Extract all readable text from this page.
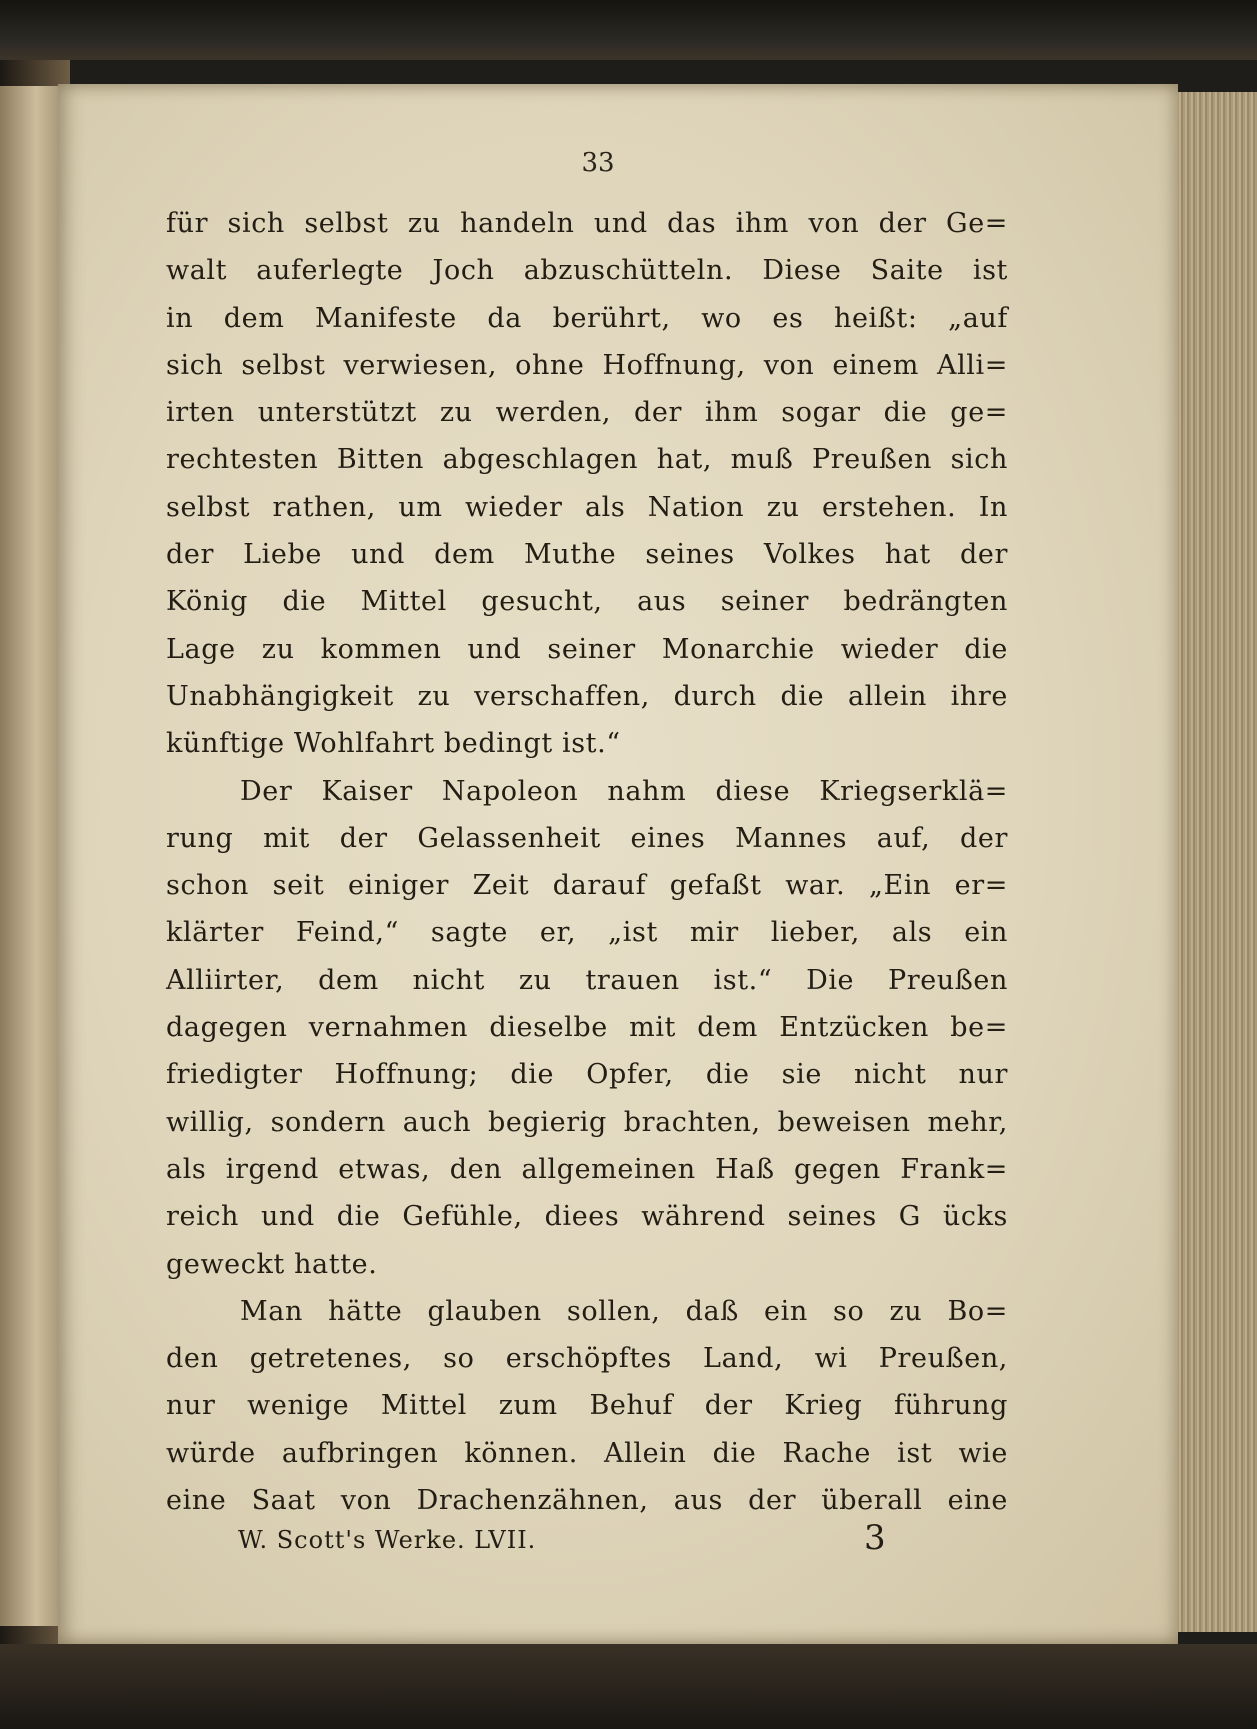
33
für sich selbst zu handeln und das ihm von der Ge=
walt auferlegte Joch abzuschütteln. Diese Saite ist
in dem Manifeste da berührt, wo es heißt: „auf
sich selbst verwiesen, ohne Hoffnung, von einem Alli=
irten unterstützt zu werden, der ihm sogar die ge=
rechtesten Bitten abgeschlagen hat, muß Preußen sich
selbst rathen, um wieder als Nation zu erstehen. In
der Liebe und dem Muthe seines Volkes hat der
König die Mittel gesucht, aus seiner bedrängten
Lage zu kommen und seiner Monarchie wieder die
Unabhängigkeit zu verschaffen, durch die allein ihre
künftige Wohlfahrt bedingt ist.“
Der Kaiser Napoleon nahm diese Kriegserklä=
rung mit der Gelassenheit eines Mannes auf, der
schon seit einiger Zeit darauf gefaßt war. „Ein er=
klärter Feind,“ sagte er, „ist mir lieber, als ein
Alliirter, dem nicht zu trauen ist.“ Die Preußen
dagegen vernahmen dieselbe mit dem Entzücken be=
friedigter Hoffnung; die Opfer, die sie nicht nur
willig, sondern auch begierig brachten, beweisen mehr,
als irgend etwas, den allgemeinen Haß gegen Frank=
reich und die Gefühle, diees während seines G ücks
geweckt hatte.
Man hätte glauben sollen, daß ein so zu Bo=
den getretenes, so erschöpftes Land, wi Preußen,
nur wenige Mittel zum Behuf der Krieg führung
würde aufbringen können. Allein die Rache ist wie
eine Saat von Drachenzähnen, aus der überall eine
W. Scott's Werke. LVII.	3
